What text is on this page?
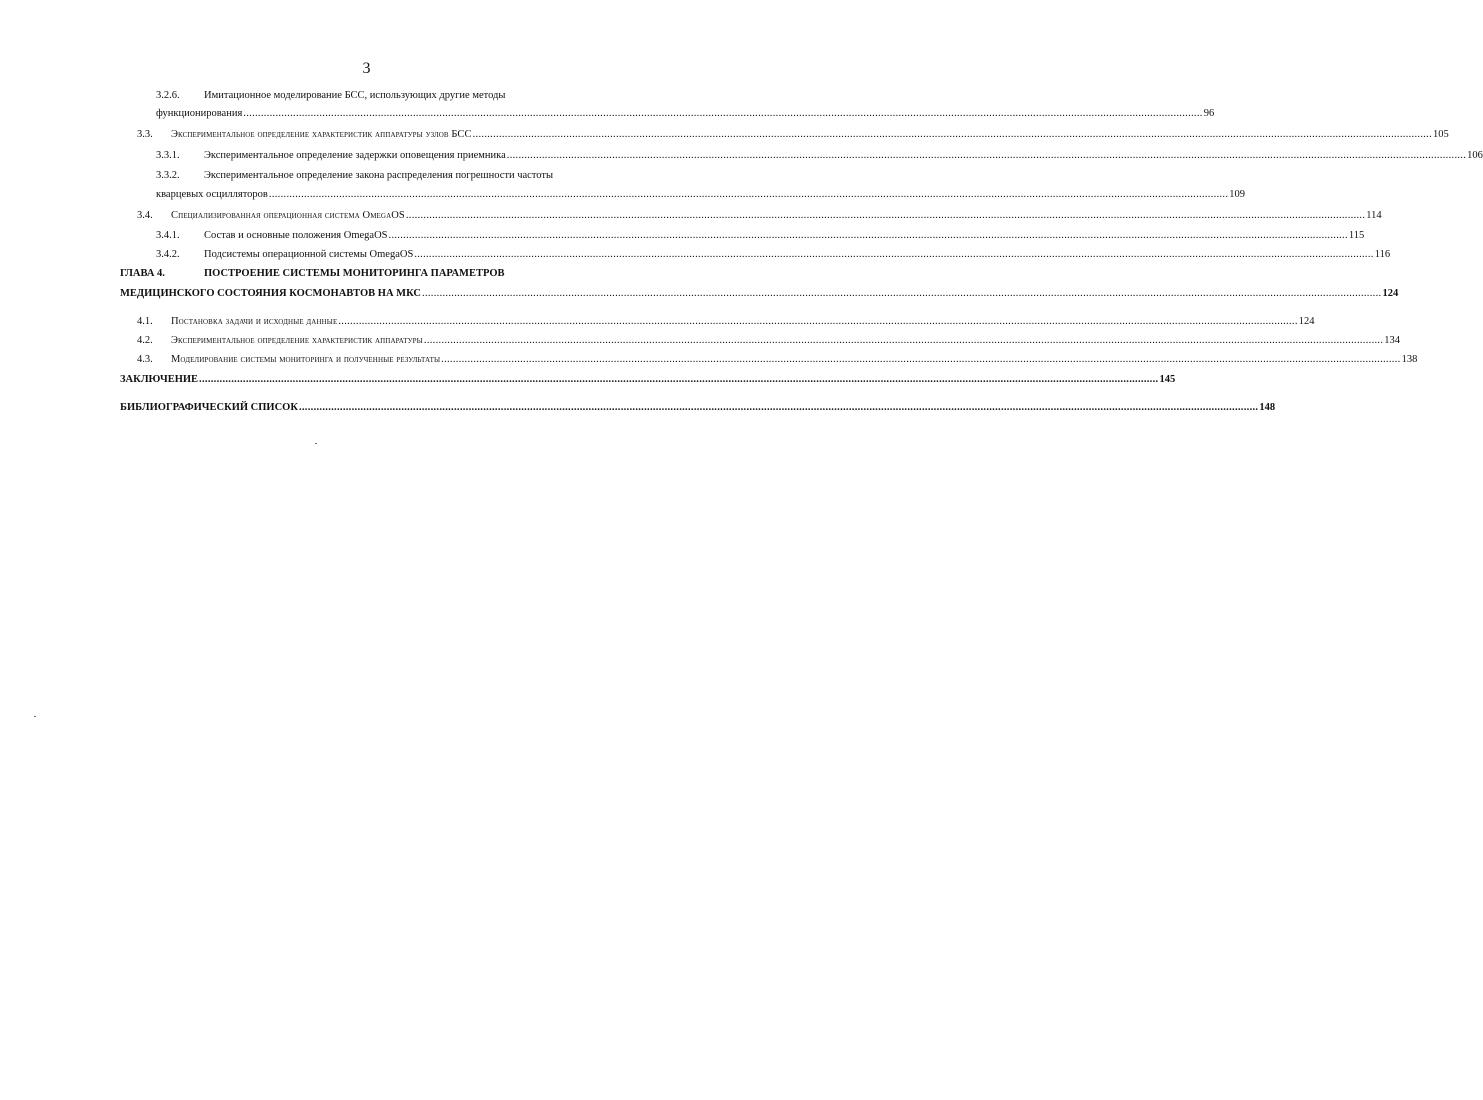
3
3.2.6. Имитационное моделирование БСС, использующих другие методы
функционирования .....	96
3.3.	Экспериментальное определение характеристик аппаратуры узлов БСС .....	105
3.3.1.	Экспериментальное определение задержки оповещения приемника .....	106
3.3.2. Экспериментальное определение закона распределения погрешности частоты
кварцевых осцилляторов .....	109
3.4.	Специализированная операционная система OmegaOS .....	114
3.4.1.	Состав и основные положения OmegaOS .....	115
3.4.2.	Подсистемы операционной системы OmegaOS .....	116
ГЛАВА 4.	ПОСТРОЕНИЕ СИСТЕМЫ МОНИТОРИНГА ПАРАМЕТРОВ
МЕДИЦИНСКОГО СОСТОЯНИЯ КОСМОНАВТОВ НА МКС .....	124
4.1.	Постановка задачи и исходные данные .....	124
4.2.	Экспериментальное определение характеристик аппаратуры .....	134
4.3.	Моделирование системы мониторинга и полученные результаты .....	138
ЗАКЛЮЧЕНИЕ .....	145
БИБЛИОГРАФИЧЕСКИЙ СПИСОК .....	148
